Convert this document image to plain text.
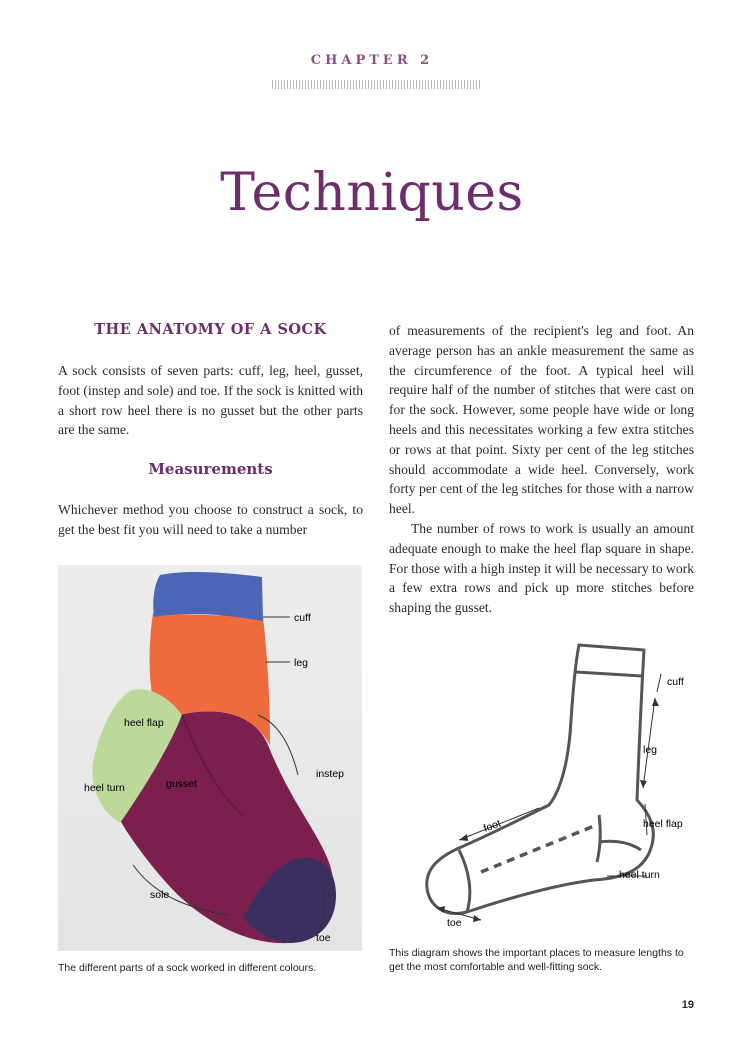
CHAPTER 2
Techniques
THE ANATOMY OF A SOCK

A sock consists of seven parts: cuff, leg, heel, gusset, foot (instep and sole) and toe. If the sock is knitted with a short row heel there is no gusset but the other parts are the same.

Measurements

Whichever method you choose to construct a sock, to get the best fit you will need to take a number

of measurements of the recipient's leg and foot. An average person has an ankle measurement the same as the circumference of the foot. A typical heel will require half of the number of stitches that were cast on for the sock. However, some people have wide or long heels and this necessitates working a few extra stitches or rows at that point. Sixty per cent of the leg stitches should accommodate a wide heel. Conversely, work forty per cent of the leg stitches for those with a narrow heel.

The number of rows to work is usually an amount adequate enough to make the heel flap square in shape. For those with a high instep it will be necessary to work a few extra rows and pick up more stitches before shaping the gusset.

cuff
leg
heel flap
instep
heel turn	gusset
sole
toe

The different parts of a sock worked in different colours.

cuff
leg
foot	heel flap
heel turn
toe

This diagram shows the important places to measure lengths to get the most comfortable and well-fitting sock.

19
